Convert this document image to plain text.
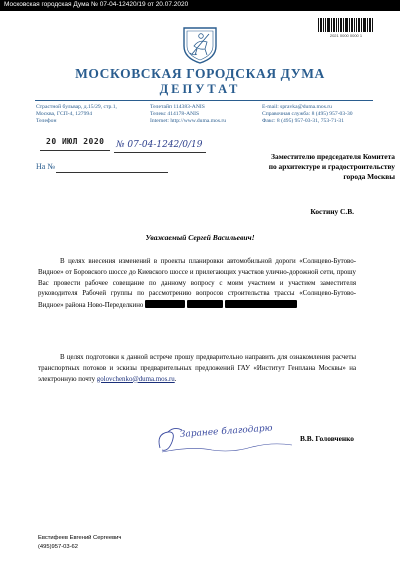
Московская городская Дума № 07-04-12420/19 от 20.07.2020
2021 0000 0000 1
МОСКОВСКАЯ ГОРОДСКАЯ ДУМА
ДЕПУТАТ
Страстной бульвар, д.15/29, стр.1,
Москва, ГСП-4, 127994
Телефон
Телетайп 114383-ANIS
Телекс 414178-ANIS
Internet: http://www.duma.mos.ru
E-mail: spravka@duma.mos.ru
Справочная служба: 8 (495) 957-03-30
Факс: 8 (495) 957-03-31, 753-71-31
20 ИЮЛ 2020 № 07-04-1242/0/19
На №
Заместителю председателя Комитета
по архитектуре и градостроительству
города Москвы
Костину С.В.
Уважаемый Сергей Васильевич!
В целях внесения изменений в проекты планировки автомобильной дороги «Солнцево-Бутово-Видное» от Боровского шоссе до Киевского шоссе и прилегающих участков улично-дорожной сети, прошу Вас провести рабочее совещание по данному вопросу с моим участием и участием заместителя руководителя Рабочей группы по рассмотрению вопросов строительства трассы «Солнцево-Бутово-Видное» района Ново-Переделкино
В целях подготовки к данной встрече прошу предварительно направить для ознакомления расчеты транспортных потоков и эскизы предварительных предложений ГАУ «Институт Генплана Москвы» на электронную почту golovchenko@duma.mos.ru.
Заранее благодарю	В.В. Головченко
Евстифеев Евгений Сергеевич
(495)957-03-62
